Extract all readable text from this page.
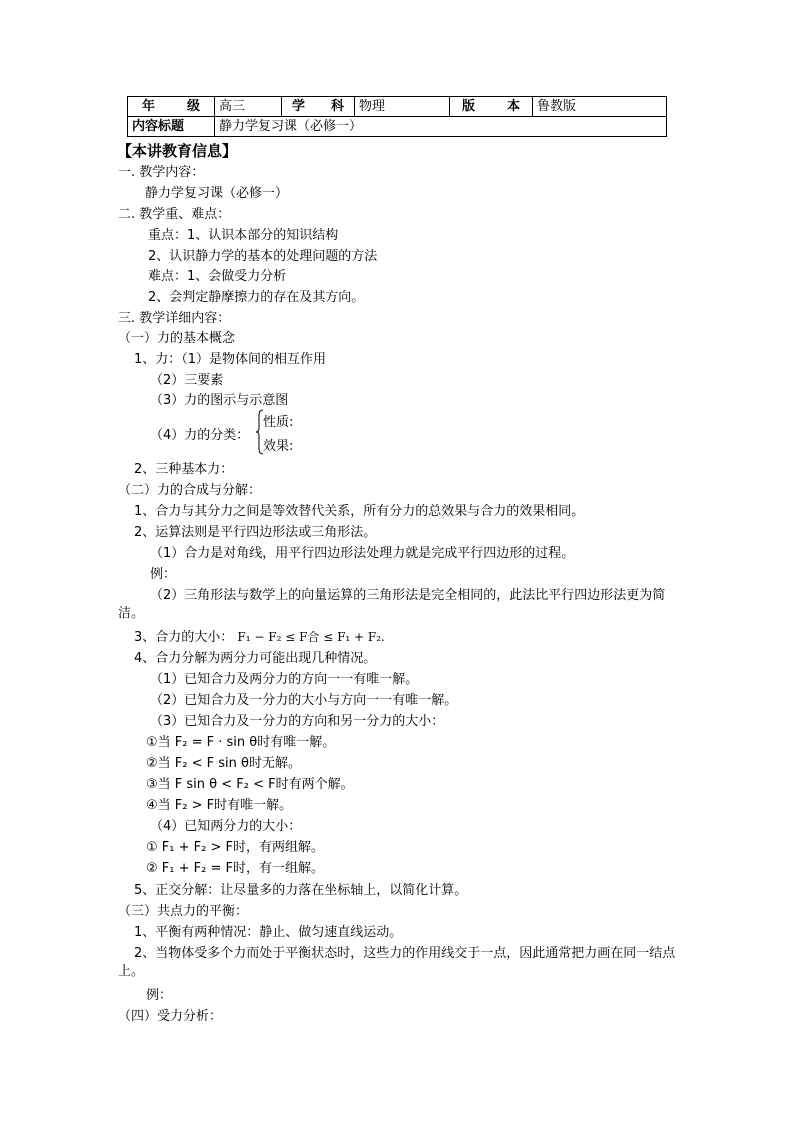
年 级	高三	学 科	物理	版 本	鲁教版
内容标题	静力学复习课（必修一）				
【本讲教育信息】
一. 教学内容：
静力学复习课（必修一）
二. 教学重、难点：
重点：1、认识本部分的知识结构
2、认识静力学的基本的处理问题的方法
难点：1、会做受力分析
2、会判定静摩擦力的存在及其方向。
三. 教学详细内容：
（一）力的基本概念
1、力：（1）是物体间的相互作用
（2）三要素
（3）力的图示与示意图
（4）力的分类：
性质:
效果:
2、三种基本力：
（二）力的合成与分解：
1、合力与其分力之间是等效替代关系，所有分力的总效果与合力的效果相同。
2、运算法则是平行四边形法或三角形法。
（1）合力是对角线，用平行四边形法处理力就是完成平行四边形的过程。
例：
（2）三角形法与数学上的向量运算的三角形法是完全相同的，此法比平行四边形法更为简洁。
3、合力的大小： F₁ − F₂ ≤ F合 ≤ F₁ + F₂.
4、合力分解为两分力可能出现几种情况。
（1）已知合力及两分力的方向一一有唯一解。
（2）已知合力及一分力的大小与方向一一有唯一解。
（3）已知合力及一分力的方向和另一分力的大小：
①当 F₂ = F · sin θ时有唯一解。
②当 F₂ < F sin θ时无解。
③当 F sin θ < F₂ < F时有两个解。
④当 F₂ > F时有唯一解。
（4）已知两分力的大小：
① F₁ + F₂ > F时，有两组解。
② F₁ + F₂ = F时，有一组解。
5、正交分解：让尽量多的力落在坐标轴上，以简化计算。
（三）共点力的平衡：
1、平衡有两种情况：静止、做匀速直线运动。
2、当物体受多个力而处于平衡状态时，这些力的作用线交于一点，因此通常把力画在同一结点上。
例：
（四）受力分析：
